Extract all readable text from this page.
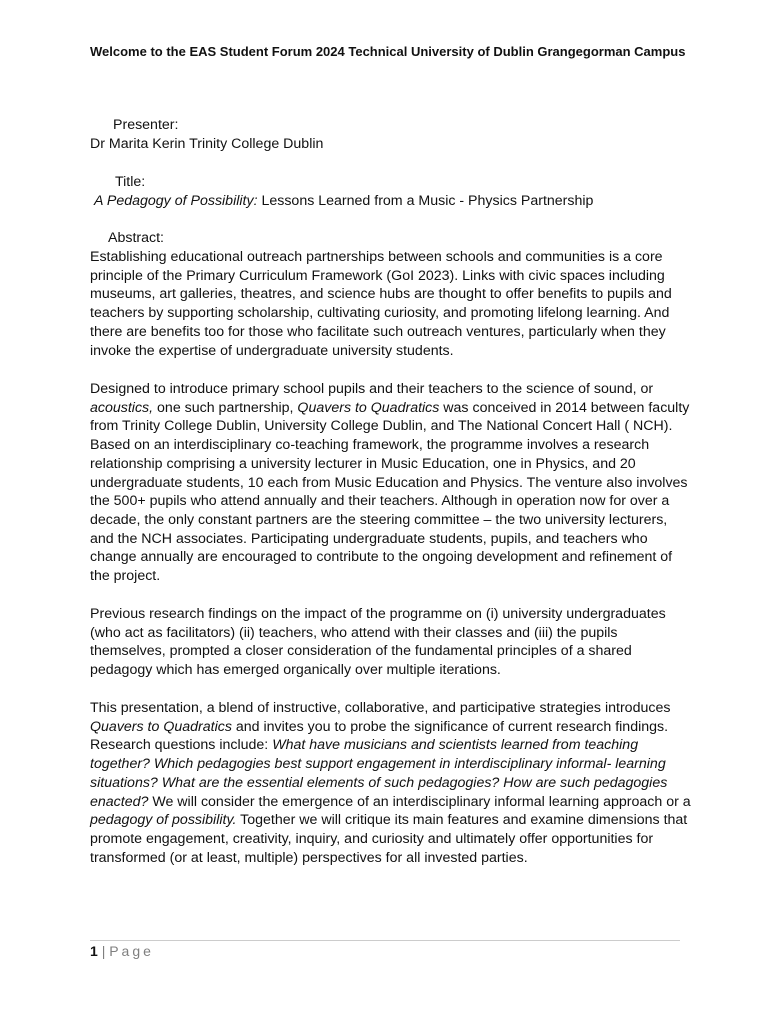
Welcome to the EAS Student Forum 2024 Technical University of Dublin Grangegorman Campus
Presenter:
Dr Marita Kerin Trinity College Dublin
Title:
A Pedagogy of Possibility: Lessons Learned from a Music - Physics Partnership
Abstract:
Establishing educational outreach partnerships between schools and communities is a core
principle of the Primary Curriculum Framework (GoI 2023). Links with civic spaces including
museums, art galleries, theatres, and science hubs are thought to offer benefits to pupils and
teachers by supporting scholarship, cultivating curiosity, and promoting lifelong learning. And
there are benefits too for those who facilitate such outreach ventures, particularly when they
invoke the expertise of undergraduate university students.
Designed to introduce primary school pupils and their teachers to the science of sound, or
acoustics, one such partnership, Quavers to Quadratics was conceived in 2014 between faculty
from Trinity College Dublin, University College Dublin, and The National Concert Hall ( NCH).
Based on an interdisciplinary co-teaching framework, the programme involves a research
relationship comprising a university lecturer in Music Education, one in Physics, and 20
undergraduate students, 10 each from Music Education and Physics. The venture also involves
the 500+ pupils who attend annually and their teachers. Although in operation now for over a
decade, the only constant partners are the steering committee – the two university lecturers,
and the NCH associates. Participating undergraduate students, pupils, and teachers who
change annually are encouraged to contribute to the ongoing development and refinement of
the project.
Previous research findings on the impact of the programme on (i) university undergraduates
(who act as facilitators) (ii) teachers, who attend with their classes and (iii) the pupils
themselves, prompted a closer consideration of the fundamental principles of a shared
pedagogy which has emerged organically over multiple iterations.
This presentation, a blend of instructive, collaborative, and participative strategies introduces
Quavers to Quadratics and invites you to probe the significance of current research findings.
Research questions include: What have musicians and scientists learned from teaching
together? Which pedagogies best support engagement in interdisciplinary informal- learning
situations? What are the essential elements of such pedagogies? How are such pedagogies
enacted? We will consider the emergence of an interdisciplinary informal learning approach or a
pedagogy of possibility. Together we will critique its main features and examine dimensions that
promote engagement, creativity, inquiry, and curiosity and ultimately offer opportunities for
transformed (or at least, multiple) perspectives for all invested parties.
1 | Page
